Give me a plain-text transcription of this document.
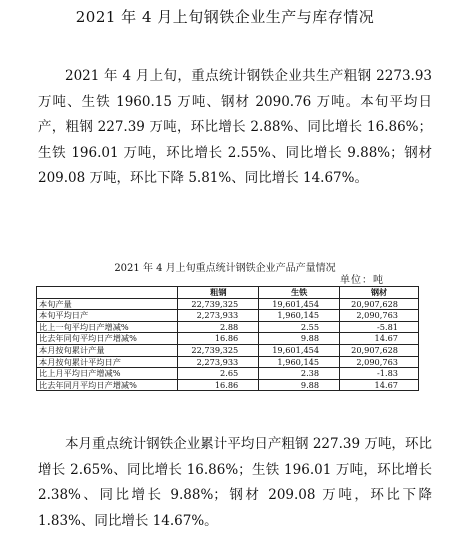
2021 年 4 月上旬钢铁企业生产与库存情况

2021 年 4 月上旬，重点统计钢铁企业共生产粗钢 2273.93 万吨、生铁 1960.15 万吨、钢材 2090.76 万吨。本旬平均日产，粗钢 227.39 万吨，环比增长 2.88%、同比增长 16.86%；生铁 196.01 万吨，环比增长 2.55%、同比增长 9.88%；钢材 209.08 万吨，环比下降 5.81%、同比增长 14.67%。

2021 年 4 月上旬重点统计钢铁企业产品产量情况
单位：吨
	粗钢	生铁	钢材
本旬产量	22,739,325	19,601,454	20,907,628
本旬平均日产	2,273,933	1,960,145	2,090,763
比上一旬平均日产增减%	2.88	2.55	-5.81
比去年同旬平均日产增减%	16.86	9.88	14.67
本月按旬累计产量	22,739,325	19,601,454	20,907,628
本月按旬累计平均日产	2,273,933	1,960,145	2,090,763
比上月平均日产增减%	2.65	2.38	-1.83
比去年同月平均日产增减%	16.86	9.88	14.67

本月重点统计钢铁企业累计平均日产粗钢 227.39 万吨，环比增长 2.65%、同比增长 16.86%；生铁 196.01 万吨，环比增长 2.38%、同比增长 9.88%；钢材 209.08 万吨，环比下降 1.83%、同比增长 14.67%。
